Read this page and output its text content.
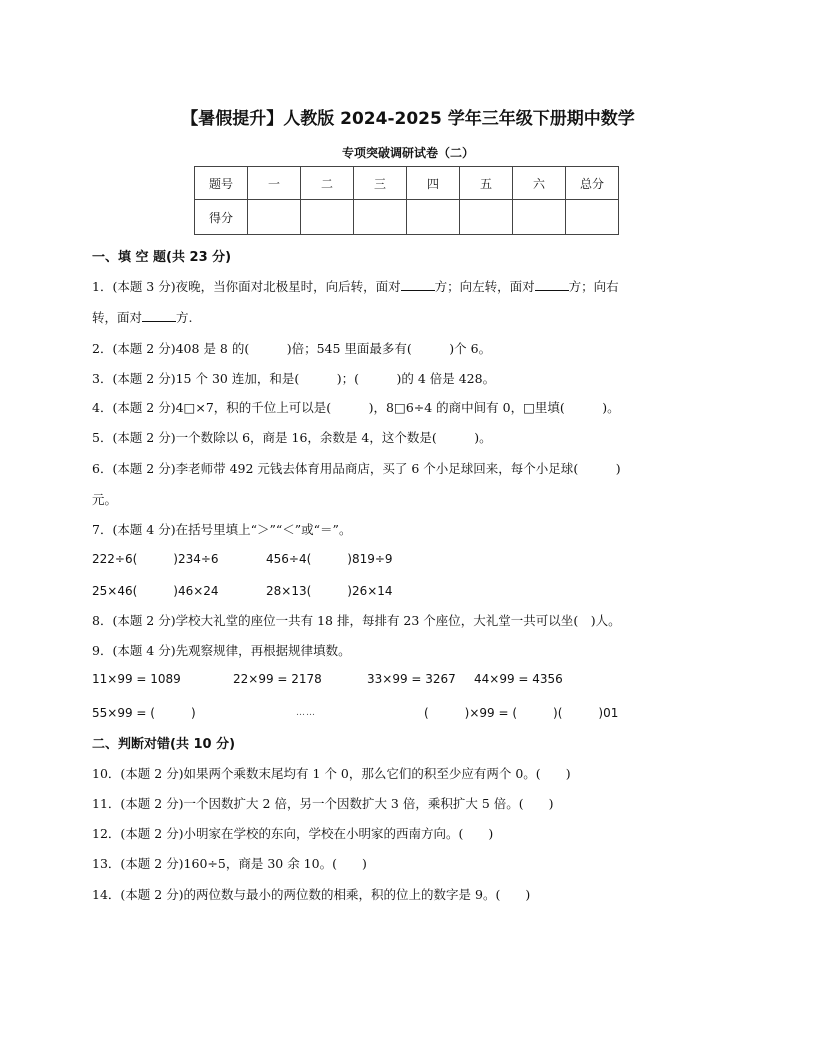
【暑假提升】人教版 2024-2025 学年三年级下册期中数学
专项突破调研试卷（二）
题号	一	二	三	四	五	六	总分
得分							
一、填 空 题(共 23 分)
1．(本题 3 分)夜晚，当你面对北极星时，向后转，面对	方；向左转，面对	方；向右
转，面对	方.
2．(本题 2 分)408 是 8 的(　　　)倍；545 里面最多有(　　　)个 6。
3．(本题 2 分)15 个 30 连加，和是(　　　)；(　　　)的 4 倍是 428。
4．(本题 2 分)4□×7，积的千位上可以是(　　　)，8□6÷4 的商中间有 0，□里填(　　　)。
5．(本题 2 分)一个数除以 6，商是 16，余数是 4，这个数是(　　　)。
6．(本题 2 分)李老师带 492 元钱去体育用品商店，买了 6 个小足球回来，每个小足球(　　　)
元。
7．(本题 4 分)在括号里填上“＞”“＜”或“＝”。
222÷6(　　　)234÷6	456÷4(　　　)819÷9
25×46(　　　)46×24	28×13(　　　)26×14
8．(本题 2 分)学校大礼堂的座位一共有 18 排，每排有 23 个座位，大礼堂一共可以坐(　)人。
9．(本题 4 分)先观察规律，再根据规律填数。
11×99 = 1089	22×99 = 2178	33×99 = 3267 44×99 = 4356
55×99 = (　　　)	……	(　　　)×99 = (　　　)(　　　)01
二、判断对错(共 10 分)
10．(本题 2 分)如果两个乘数末尾均有 1 个 0，那么它们的积至少应有两个 0。(　　)
11．(本题 2 分)一个因数扩大 2 倍，另一个因数扩大 3 倍，乘积扩大 5 倍。(　　)
12．(本题 2 分)小明家在学校的东向，学校在小明家的西南方向。(　　)
13．(本题 2 分)160÷5，商是 30 余 10。(　　)
14．(本题 2 分)的两位数与最小的两位数的相乘，积的位上的数字是 9。(　　)
